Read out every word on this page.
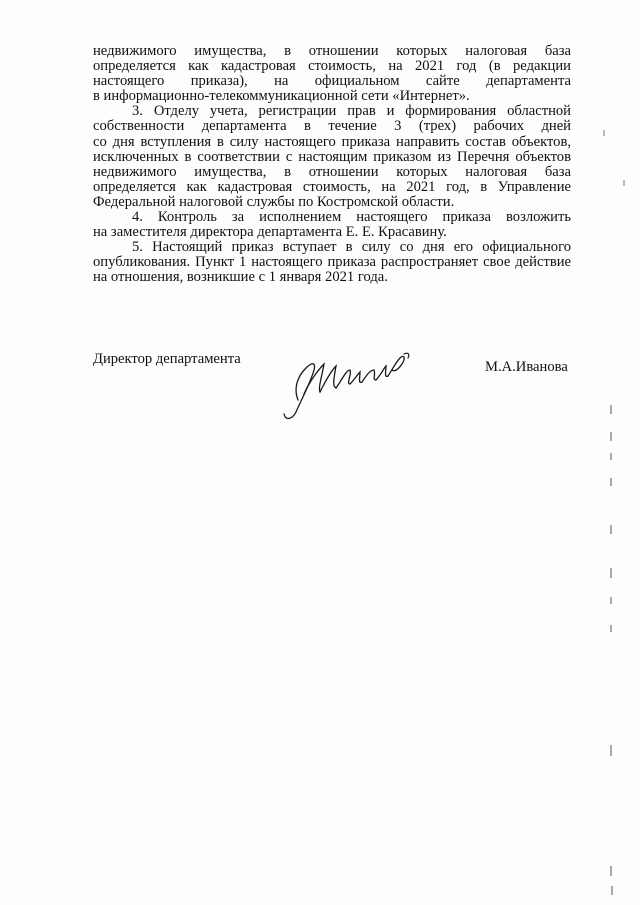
недвижимого имущества, в отношении которых налоговая база
определяется как кадастровая стоимость, на 2021 год (в редакции
настоящего приказа), на официальном сайте департамента
в информационно-телекоммуникационной сети «Интернет».
3. Отделу учета, регистрации прав и формирования областной
собственности департамента в течение 3 (трех) рабочих дней
со дня вступления в силу настоящего приказа направить состав объектов,
исключенных в соответствии с настоящим приказом из Перечня объектов
недвижимого имущества, в отношении которых налоговая база
определяется как кадастровая стоимость, на 2021 год, в Управление
Федеральной налоговой службы по Костромской области.
4. Контроль за исполнением настоящего приказа возложить
на заместителя директора департамента Е. Е. Красавину.
5. Настоящий приказ вступает в силу со дня его официального
опубликования. Пункт 1 настоящего приказа распространяет свое действие
на отношения, возникшие с 1 января 2021 года.
Директор департамента	М.А.Иванова
